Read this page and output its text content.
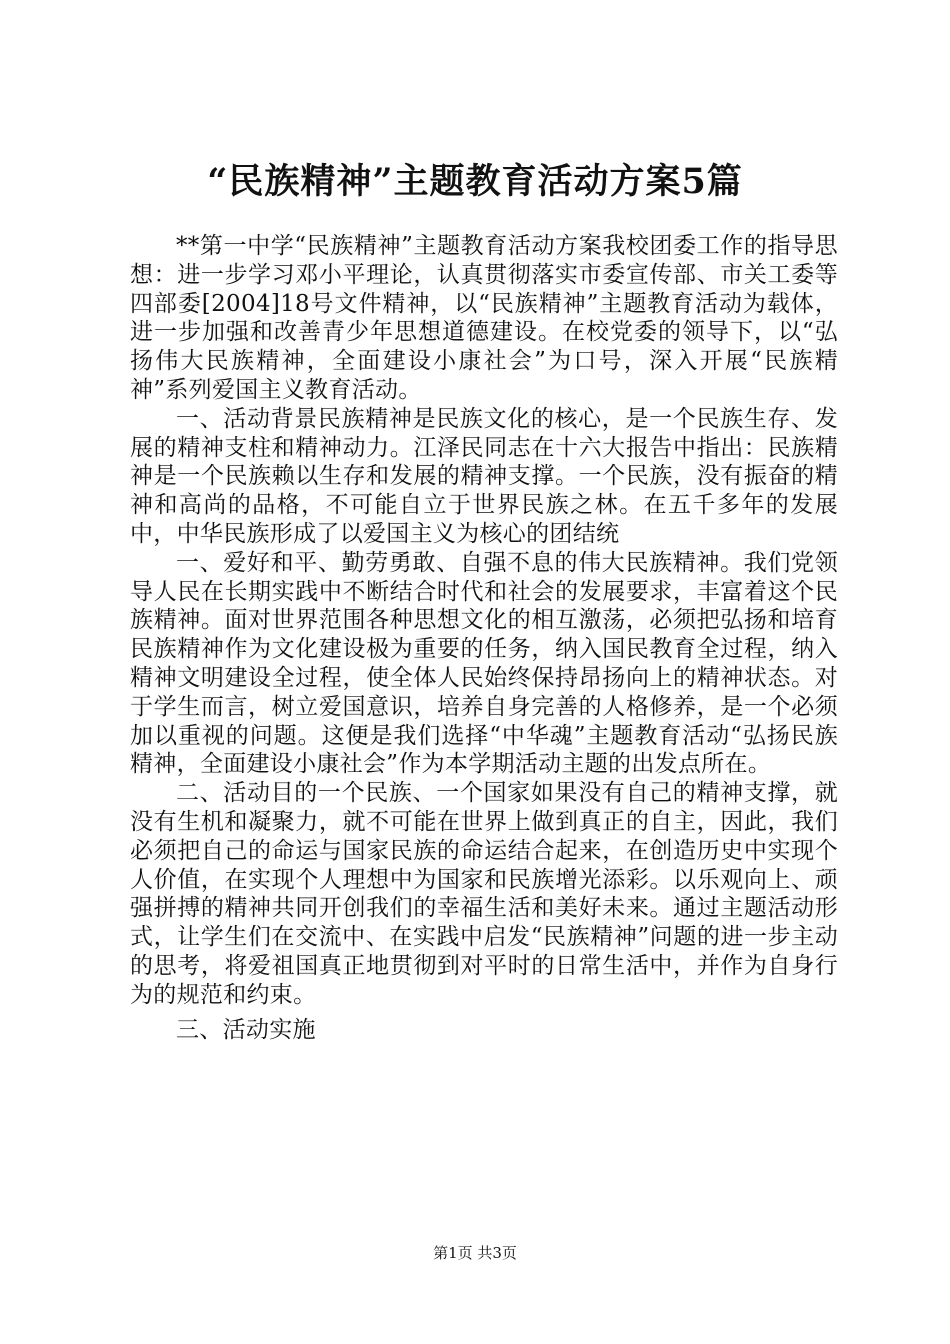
“民族精神”主题教育活动方案5篇

**第一中学“民族精神”主题教育活动方案我校团委工作的指导思想：进一步学习邓小平理论，认真贯彻落实市委宣传部、市关工委等四部委[2004]18号文件精神，以“民族精神”主题教育活动为载体，进一步加强和改善青少年思想道德建设。在校党委的领导下，以“弘扬伟大民族精神，全面建设小康社会”为口号，深入开展“民族精神”系列爱国主义教育活动。

一、活动背景民族精神是民族文化的核心，是一个民族生存、发展的精神支柱和精神动力。江泽民同志在十六大报告中指出：民族精神是一个民族赖以生存和发展的精神支撑。一个民族，没有振奋的精神和高尚的品格，不可能自立于世界民族之林。在五千多年的发展中，中华民族形成了以爱国主义为核心的团结统

一、爱好和平、勤劳勇敢、自强不息的伟大民族精神。我们党领导人民在长期实践中不断结合时代和社会的发展要求，丰富着这个民族精神。面对世界范围各种思想文化的相互激荡，必须把弘扬和培育民族精神作为文化建设极为重要的任务，纳入国民教育全过程，纳入精神文明建设全过程，使全体人民始终保持昂扬向上的精神状态。对于学生而言，树立爱国意识，培养自身完善的人格修养，是一个必须加以重视的问题。这便是我们选择“中华魂”主题教育活动“弘扬民族精神，全面建设小康社会”作为本学期活动主题的出发点所在。

二、活动目的一个民族、一个国家如果没有自己的精神支撑，就没有生机和凝聚力，就不可能在世界上做到真正的自主，因此，我们必须把自己的命运与国家民族的命运结合起来，在创造历史中实现个人价值，在实现个人理想中为国家和民族增光添彩。以乐观向上、顽强拼搏的精神共同开创我们的幸福生活和美好未来。通过主题活动形式，让学生们在交流中、在实践中启发“民族精神”问题的进一步主动的思考，将爱祖国真正地贯彻到对平时的日常生活中，并作为自身行为的规范和约束。

三、活动实施

第1页 共3页
